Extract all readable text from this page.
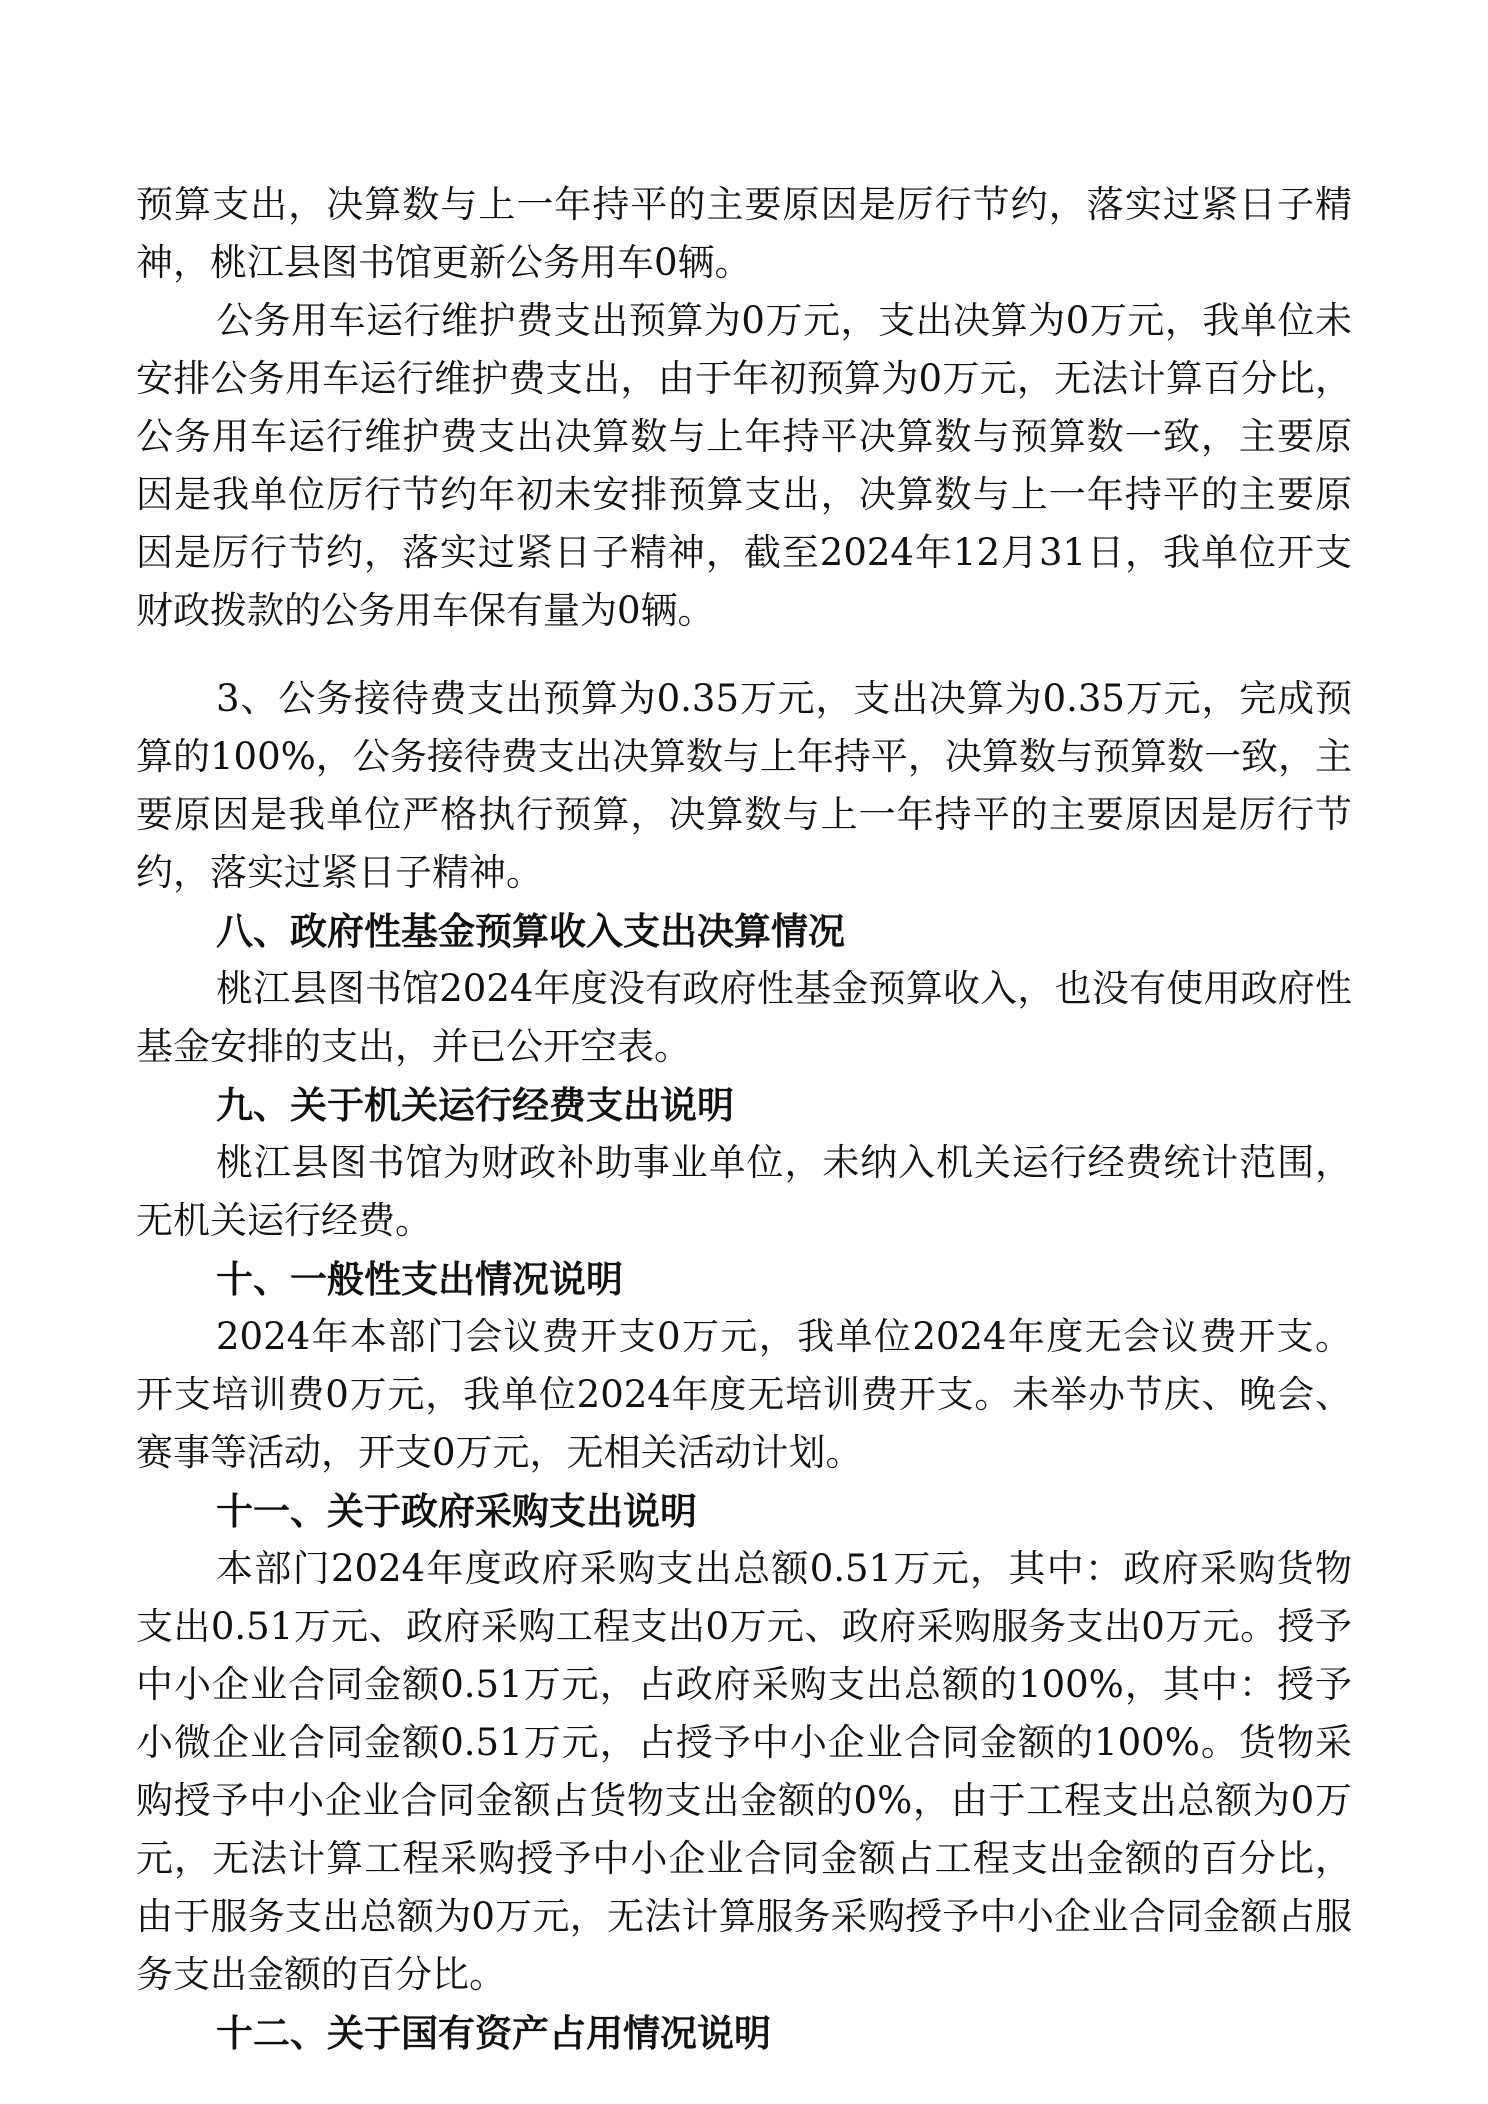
预算支出，决算数与上一年持平的主要原因是厉行节约，落实过紧日子精神，桃江县图书馆更新公务用车0辆。

公务用车运行维护费支出预算为0万元，支出决算为0万元，我单位未安排公务用车运行维护费支出，由于年初预算为0万元，无法计算百分比，公务用车运行维护费支出决算数与上年持平决算数与预算数一致，主要原因是我单位厉行节约年初未安排预算支出，决算数与上一年持平的主要原因是厉行节约，落实过紧日子精神，截至2024年12月31日，我单位开支财政拨款的公务用车保有量为0辆。

3、公务接待费支出预算为0.35万元，支出决算为0.35万元，完成预算的100%，公务接待费支出决算数与上年持平，决算数与预算数一致，主要原因是我单位严格执行预算，决算数与上一年持平的主要原因是厉行节约，落实过紧日子精神。

八、政府性基金预算收入支出决算情况

桃江县图书馆2024年度没有政府性基金预算收入，也没有使用政府性基金安排的支出，并已公开空表。

九、关于机关运行经费支出说明

桃江县图书馆为财政补助事业单位，未纳入机关运行经费统计范围，无机关运行经费。

十、一般性支出情况说明

2024年本部门会议费开支0万元，我单位2024年度无会议费开支。开支培训费0万元，我单位2024年度无培训费开支。未举办节庆、晚会、赛事等活动，开支0万元，无相关活动计划。

十一、关于政府采购支出说明

本部门2024年度政府采购支出总额0.51万元，其中：政府采购货物支出0.51万元、政府采购工程支出0万元、政府采购服务支出0万元。授予中小企业合同金额0.51万元，占政府采购支出总额的100%，其中：授予小微企业合同金额0.51万元，占授予中小企业合同金额的100%。货物采购授予中小企业合同金额占货物支出金额的0%，由于工程支出总额为0万元，无法计算工程采购授予中小企业合同金额占工程支出金额的百分比，由于服务支出总额为0万元，无法计算服务采购授予中小企业合同金额占服务支出金额的百分比。

十二、关于国有资产占用情况说明
